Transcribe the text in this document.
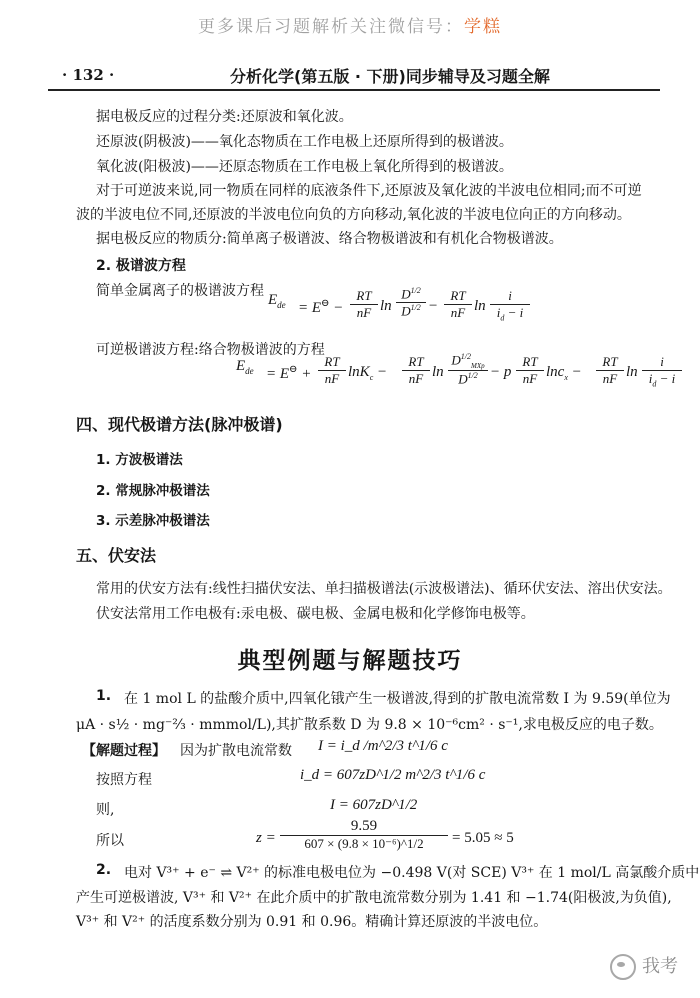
更多课后习题解析关注微信号：学糕
· 132 ·	分析化学(第五版 · 下册)同步辅导及习题全解
据电极反应的过程分类:还原波和氧化波。
还原波(阴极波)——氧化态物质在工作电极上还原所得到的极谱波。
氧化波(阳极波)——还原态物质在工作电极上氧化所得到的极谱波。
对于可逆波来说,同一物质在同样的底液条件下,还原波及氧化波的半波电位相同;而不可逆
波的半波电位不同,还原波的半波电位向负的方向移动,氧化波的半波电位向正的方向移动。
据电极反应的物质分:简单离子极谱波、络合物极谱波和有机化合物极谱波。
2. 极谱波方程
简单金属离子的极谱波方程
$E_{de} = E^⊖$ −
RT
nF ln
$D^{1/2}$
$D^{1/2}$ −
RT
nF ln
i
$i_d - i$
可逆极谱波方程:络合物极谱波的方程
$E_{de} = E^⊖$ +
RT
nF lnK$_c$ −
RT
nF ln
$D^{1/2}_{MXp}$
$D^{1/2} - p$
RT
nF lnc$_x$ −
RT
nF ln
i
$i_d - i$
四、现代极谱方法(脉冲极谱)
1. 方波极谱法
2. 常规脉冲极谱法
3. 示差脉冲极谱法
五、伏安法
常用的伏安方法有:线性扫描伏安法、单扫描极谱法(示波极谱法)、循环伏安法、溶出伏安法。
伏安法常用工作电极有:汞电极、碳电极、金属电极和化学修饰电极等。
典型例题与解题技巧
1. 在 1 mol L 的盐酸介质中,四氧化锇产生一极谱波,得到的扩散电流常数 I 为 9.59(单位为
μA · s½ · mg⁻⅔ · mmmol/L),其扩散系数 D 为 9.8 × 10⁻⁶cm² · s⁻¹,求电极反应的电子数。
【解题过程】 因为扩散电流常数 I = i_d /m^2/3 t^1/6 c
按照方程	i_d = 607zD^1/2 m^2/3 t^1/6 c
则,	I = 607zD^1/2
所以	z =
9.59
607 × (9.8 × 10⁻⁶)^1/2	= 5.05 ≈ 5
2. 电对 V³⁺ + e⁻ ⇌ V²⁺ 的标准电极电位为 −0.498 V(对 SCE) V³⁺ 在 1 mol/L 高氯酸介质中
产生可逆极谱波, V³⁺ 和 V²⁺ 在此介质中的扩散电流常数分别为 1.41 和 −1.74(阳极波,为负值),
V³⁺ 和 V²⁺ 的活度系数分别为 0.91 和 0.96。精确计算还原波的半波电位。
我考
